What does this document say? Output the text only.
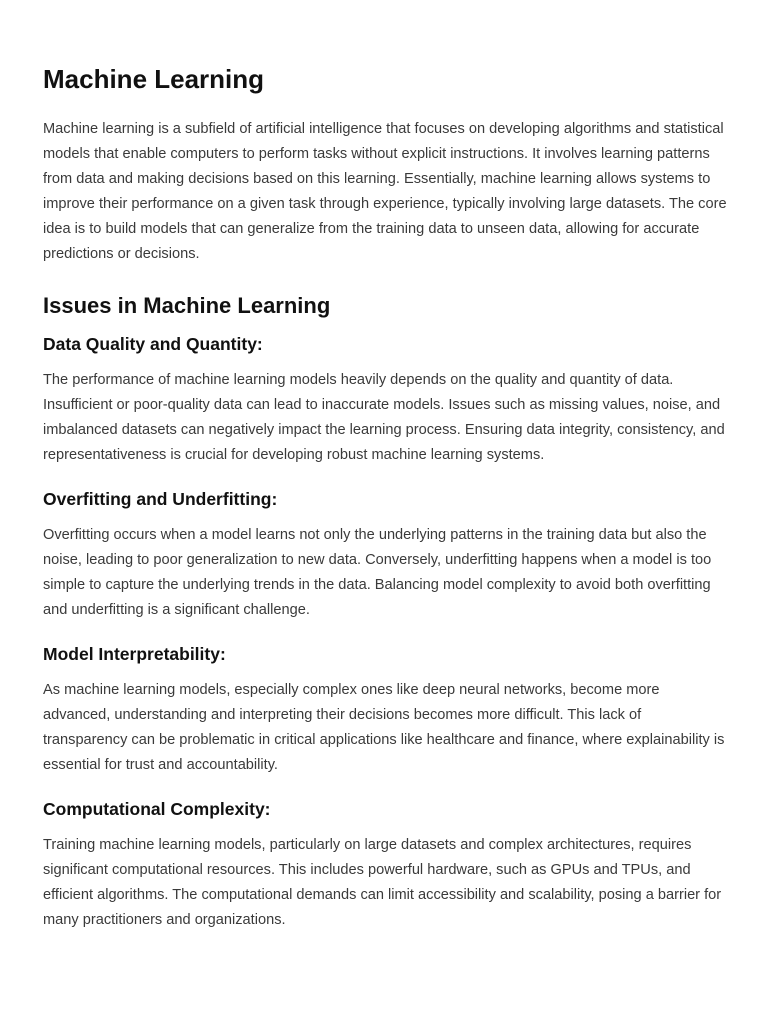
Machine Learning

Machine learning is a subfield of artificial intelligence that focuses on developing algorithms and statistical models that enable computers to perform tasks without explicit instructions. It involves learning patterns from data and making decisions based on this learning. Essentially, machine learning allows systems to improve their performance on a given task through experience, typically involving large datasets. The core idea is to build models that can generalize from the training data to unseen data, allowing for accurate predictions or decisions.

Issues in Machine Learning
Data Quality and Quantity:

The performance of machine learning models heavily depends on the quality and quantity of data. Insufficient or poor-quality data can lead to inaccurate models. Issues such as missing values, noise, and imbalanced datasets can negatively impact the learning process. Ensuring data integrity, consistency, and representativeness is crucial for developing robust machine learning systems.

Overfitting and Underfitting:

Overfitting occurs when a model learns not only the underlying patterns in the training data but also the noise, leading to poor generalization to new data. Conversely, underfitting happens when a model is too simple to capture the underlying trends in the data. Balancing model complexity to avoid both overfitting and underfitting is a significant challenge.

Model Interpretability:

As machine learning models, especially complex ones like deep neural networks, become more advanced, understanding and interpreting their decisions becomes more difficult. This lack of transparency can be problematic in critical applications like healthcare and finance, where explainability is essential for trust and accountability.

Computational Complexity:

Training machine learning models, particularly on large datasets and complex architectures, requires significant computational resources. This includes powerful hardware, such as GPUs and TPUs, and efficient algorithms. The computational demands can limit accessibility and scalability, posing a barrier for many practitioners and organizations.
